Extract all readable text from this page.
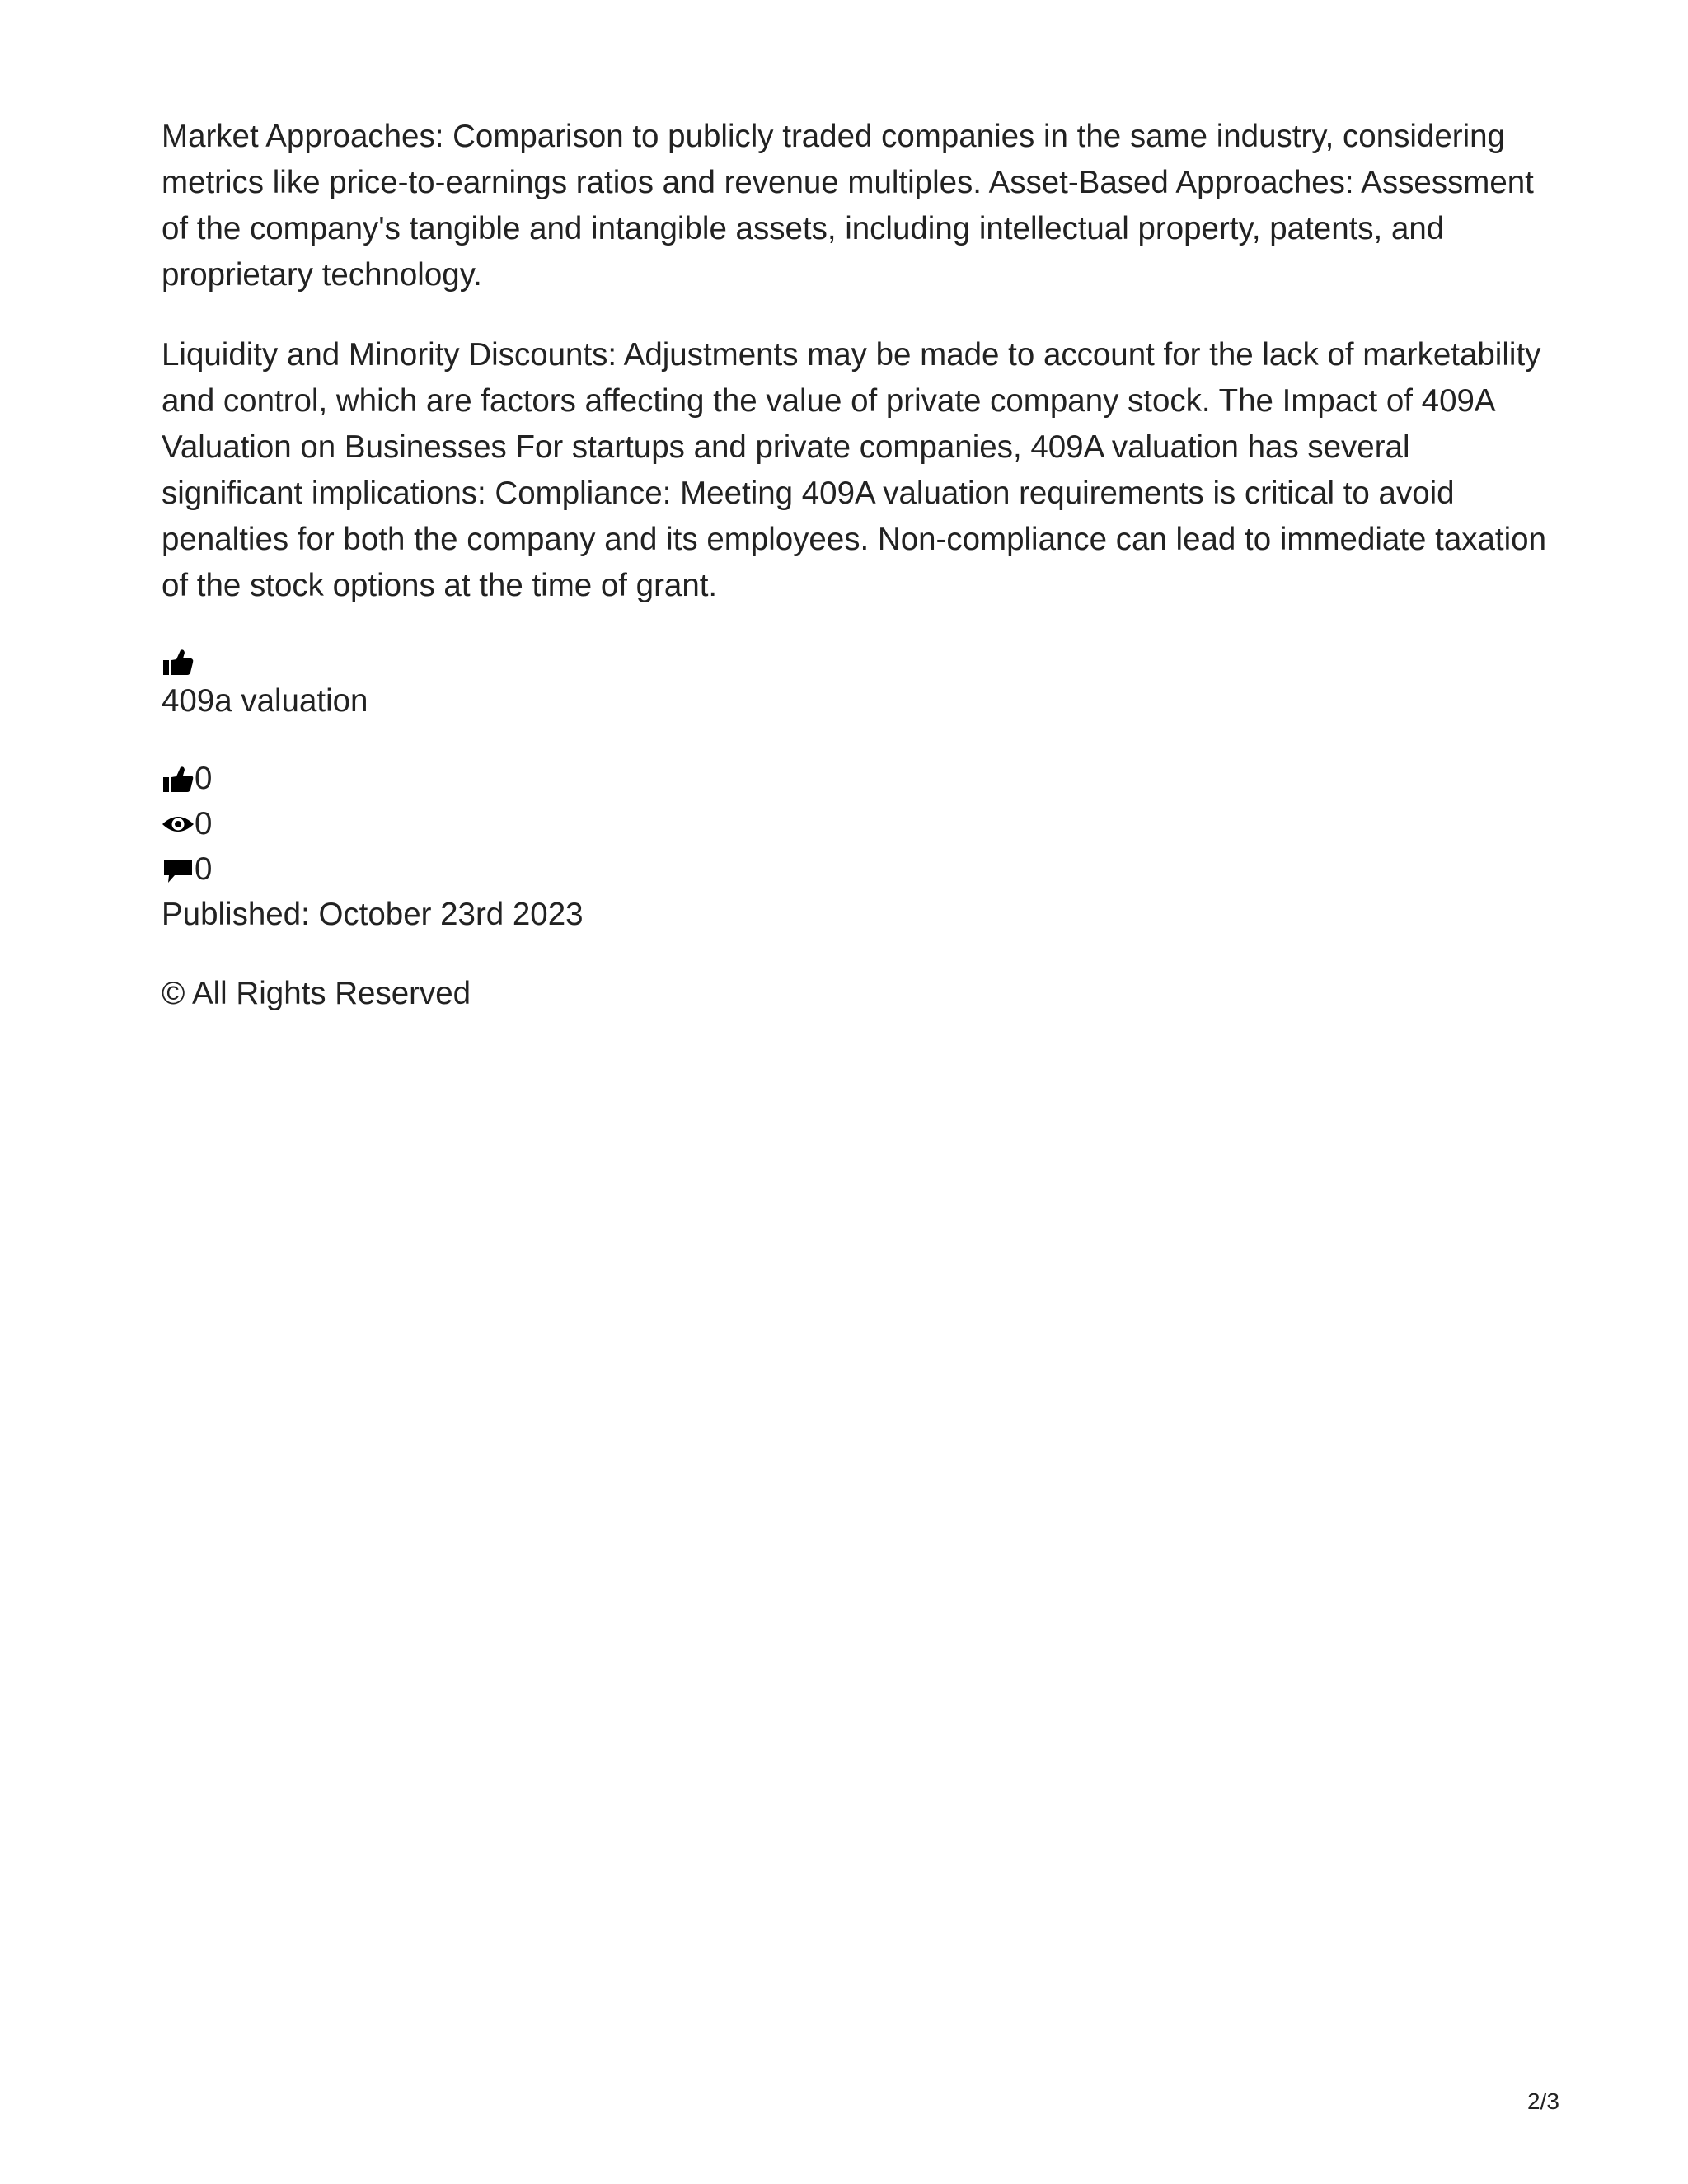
Market Approaches: Comparison to publicly traded companies in the same industry, considering metrics like price-to-earnings ratios and revenue multiples. Asset-Based Approaches: Assessment of the company's tangible and intangible assets, including intellectual property, patents, and proprietary technology.

Liquidity and Minority Discounts: Adjustments may be made to account for the lack of marketability and control, which are factors affecting the value of private company stock. The Impact of 409A Valuation on Businesses For startups and private companies, 409A valuation has several significant implications: Compliance: Meeting 409A valuation requirements is critical to avoid penalties for both the company and its employees. Non-compliance can lead to immediate taxation of the stock options at the time of grant.

409a valuation
0
0
0
Published: October 23rd 2023
© All Rights Reserved
2/3
